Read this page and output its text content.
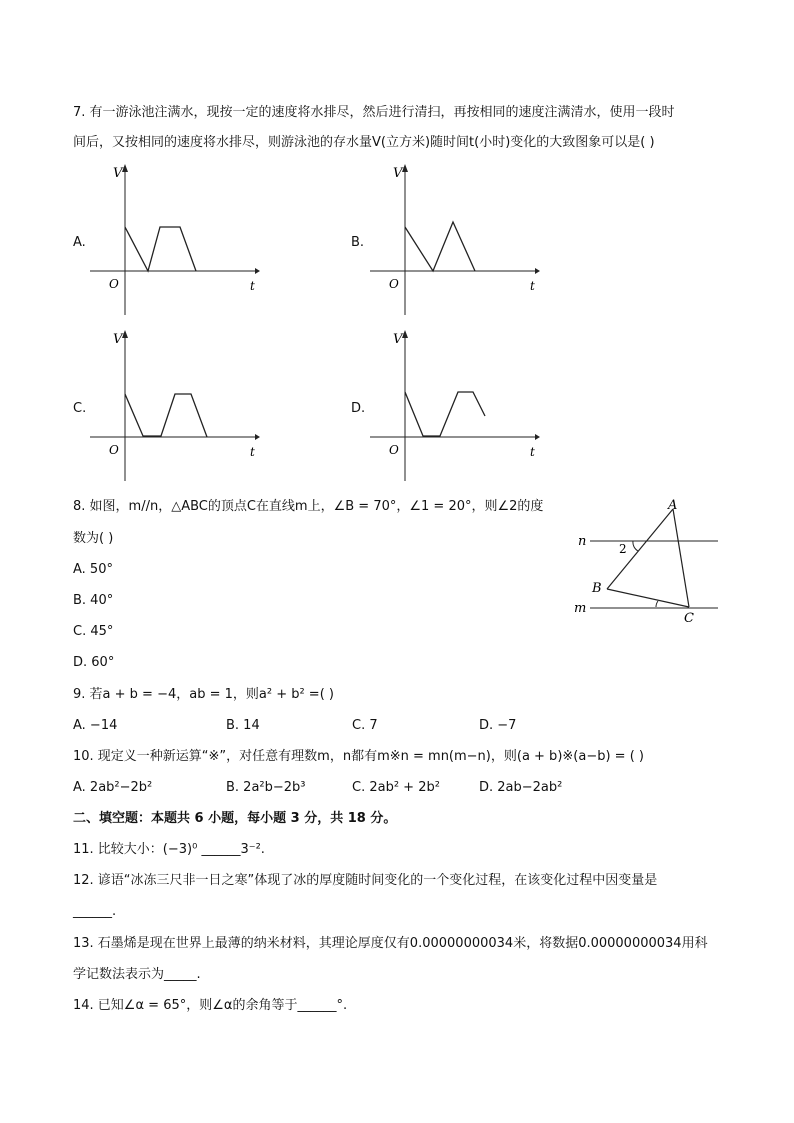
7. 有一游泳池注满水，现按一定的速度将水排尽，然后进行清扫，再按相同的速度注满清水，使用一段时
间后，又按相同的速度将水排尽，则游泳池的存水量V(立方米)随时间t(小时)变化的大致图象可以是( )
A.
V
O	t
B.
V
O	t
C.
V
O	t
D.
V
O	t
8. 如图，m//n，△ABC的顶点C在直线m上，∠B = 70°，∠1 = 20°，则∠2的度
数为( )
A. 50°
B. 40°
C. 45°
D. 60°
A
n	2
B
m
C
9. 若a + b = −4，ab = 1，则a² + b² =( )
A. −14	B. 14	C. 7	D. −7
10. 现定义一种新运算“※”，对任意有理数m，n都有m※n = mn(m−n)，则(a + b)※(a−b) = ( )
A. 2ab²−2b²	B. 2a²b−2b³	C. 2ab² + 2b²	D. 2ab−2ab²
二、填空题：本题共 6 小题，每小题 3 分，共 18 分。
11. 比较大小：(−3)⁰ ______3⁻².
12. 谚语“冰冻三尺非一日之寒”体现了冰的厚度随时间变化的一个变化过程，在该变化过程中因变量是
______.
13. 石墨烯是现在世界上最薄的纳米材料，其理论厚度仅有0.00000000034米，将数据0.00000000034用科
学记数法表示为_____.
14. 已知∠α = 65°，则∠α的余角等于______°.
